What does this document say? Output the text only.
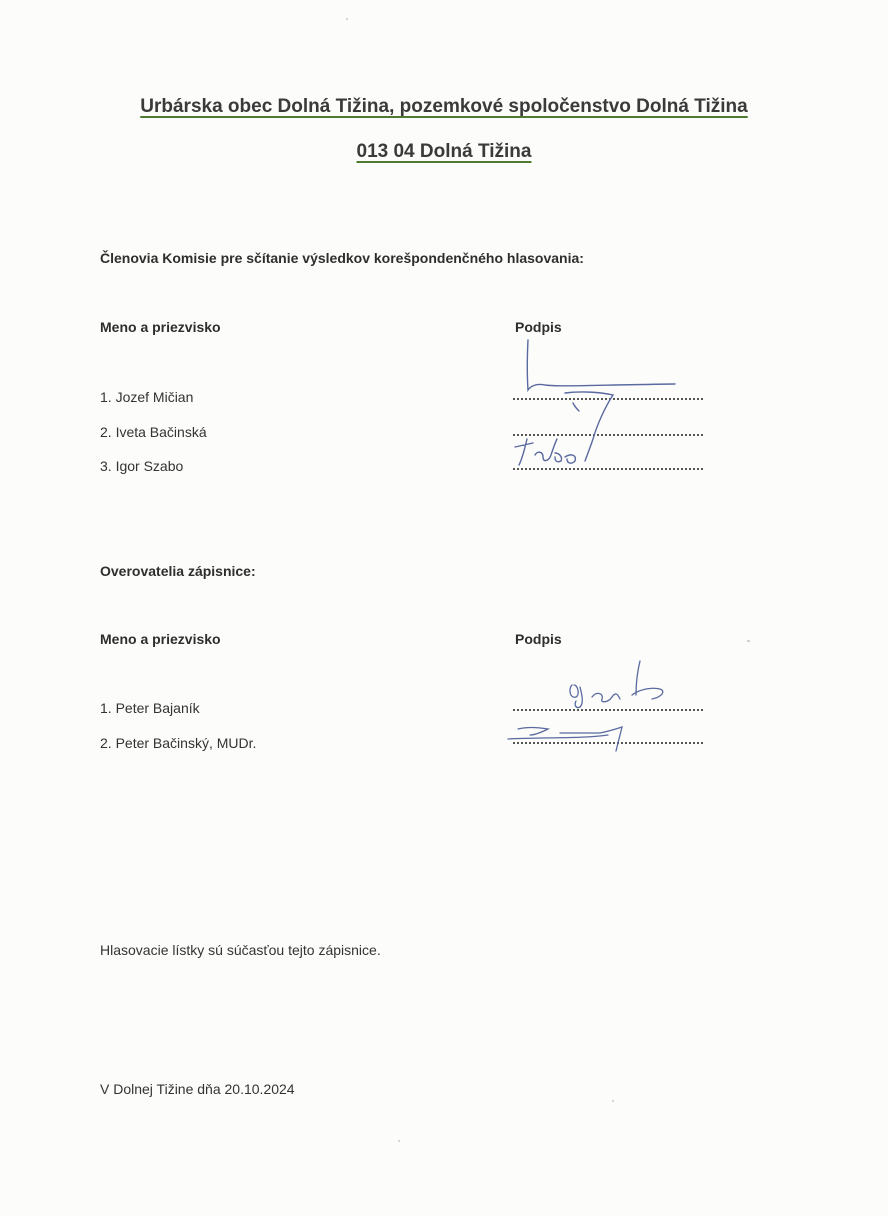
Urbárska obec Dolná Tižina, pozemkové spoločenstvo Dolná Tižina
013 04 Dolná Tižina
Členovia Komisie pre sčítanie výsledkov korešpondenčného hlasovania:
Meno a priezvisko	Podpis
1. Jozef Mičian
2. Iveta Bačinská
3. Igor Szabo
Overovatelia zápisnice:
Meno a priezvisko	Podpis
1. Peter Bajaník
2. Peter Bačinský, MUDr.
Hlasovacie lístky sú súčasťou tejto zápisnice.
V Dolnej Tižine dňa 20.10.2024
